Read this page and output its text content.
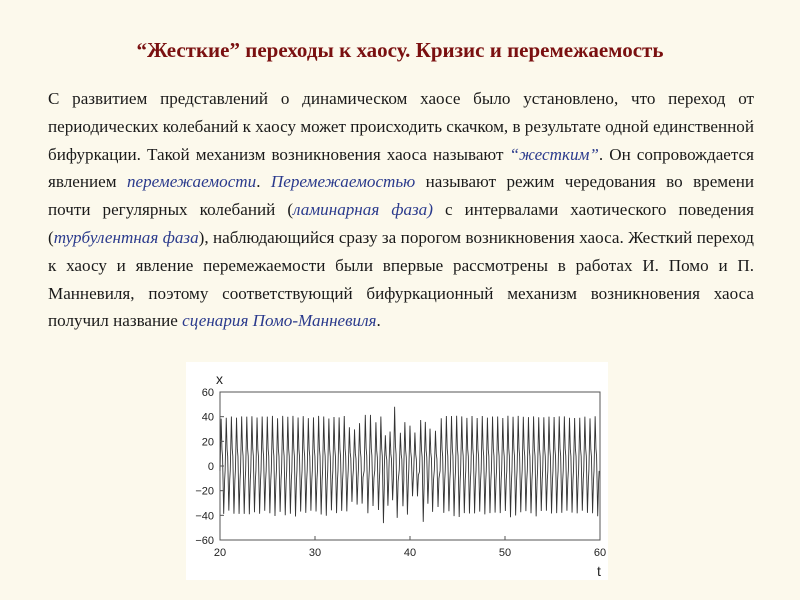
“Жесткие” переходы к хаосу. Кризис и перемежаемость

С развитием представлений о динамическом хаосе было установлено, что переход от периодических колебаний к хаосу может происходить скачком, в результате одной единственной бифуркации. Такой механизм возникновения хаоса называют “жестким”. Он сопровождается явлением перемежаемости. Перемежаемостью называют режим чередования во времени почти регулярных колебаний (ламинарная фаза) с интервалами хаотического поведения (турбулентная фаза), наблюдающийся сразу за порогом возникновения хаоса. Жесткий переход к хаосу и явление перемежаемости были впервые рассмотрены в работах И. Помо и П. Манневиля, поэтому соответствующий бифуркационный механизм возникновения хаоса получил название сценария Помо-Манневиля.

20	30	40	50	60
60
40
20
0
−20
−40
−60
x
t
